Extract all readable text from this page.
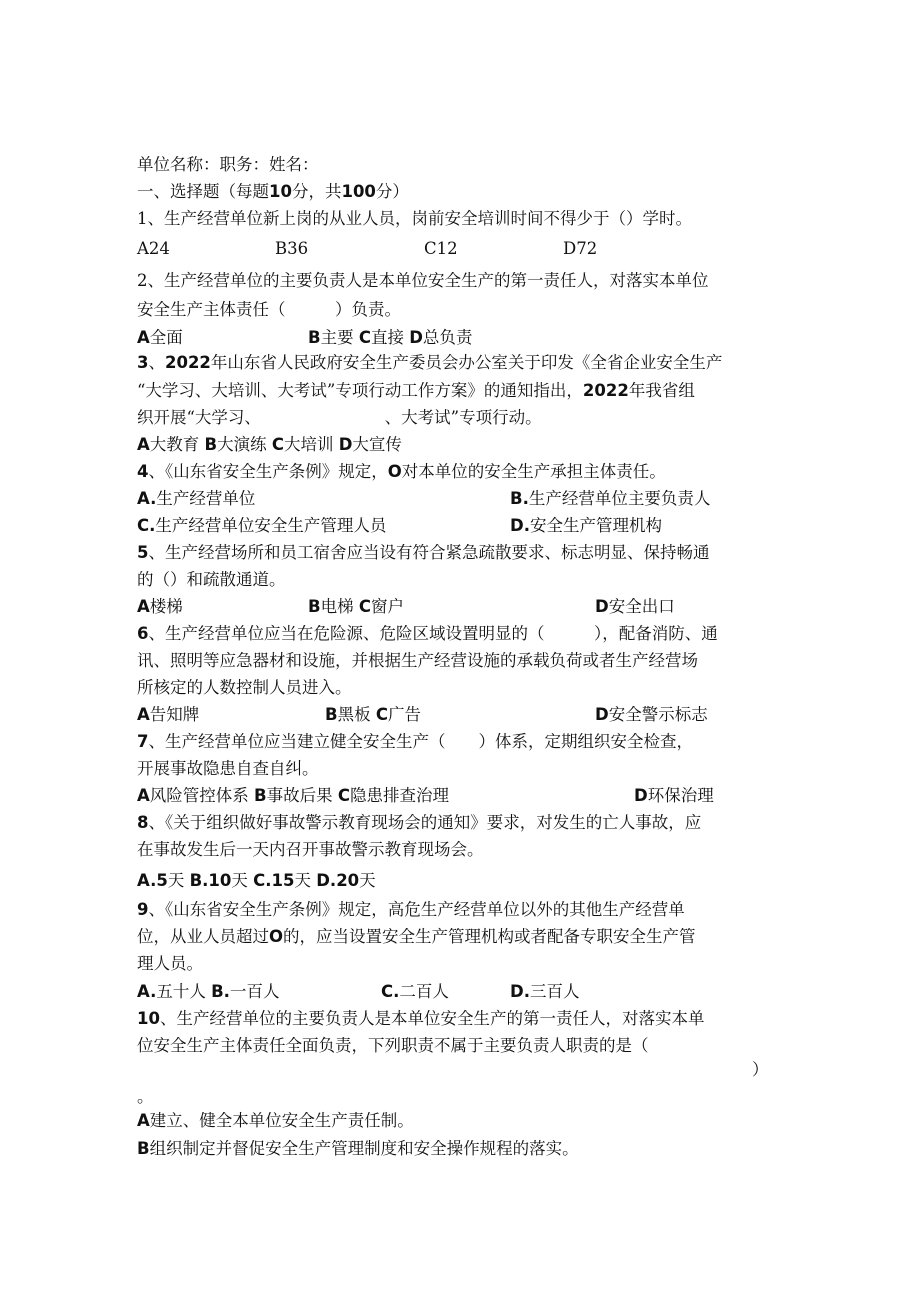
单位名称：职务：姓名：
一、选择题（每题10分，共100分）
1、生产经营单位新上岗的从业人员，岗前安全培训时间不得少于（）学时。
A24	B36	C12	D72
2、生产经营单位的主要负责人是本单位安全生产的第一责任人，对落实本单位
安全生产主体责任（　　　）负责。
A全面	B主要 C直接 D总负责
3、2022年山东省人民政府安全生产委员会办公室关于印发《全省企业安全生产
“大学习、大培训、大考试”专项行动工作方案》的通知指出，2022年我省组
织开展“大学习、　　　　　　　　、大考试”专项行动。
A大教育 B大演练 C大培训 D大宣传
4、《山东省安全生产条例》规定，O对本单位的安全生产承担主体责任。
A.生产经营单位	B.生产经营单位主要负责人
C.生产经营单位安全生产管理人员	D.安全生产管理机构
5、生产经营场所和员工宿舍应当设有符合紧急疏散要求、标志明显、保持畅通
的（）和疏散通道。
A楼梯	B电梯 C窗户	D安全出口
6、生产经营单位应当在危险源、危险区域设置明显的（　　　），配备消防、通
讯、照明等应急器材和设施，并根据生产经营设施的承载负荷或者生产经营场
所核定的人数控制人员进入。
A告知牌	B黑板 C广告	D安全警示标志
7、生产经营单位应当建立健全安全生产（　　）体系，定期组织安全检查，
开展事故隐患自查自纠。
A风险管控体系 B事故后果 C隐患排查治理	D环保治理
8、《关于组织做好事故警示教育现场会的通知》要求，对发生的亡人事故，应
在事故发生后一天内召开事故警示教育现场会。
A.5天 B.10天 C.15天 D.20天
9、《山东省安全生产条例》规定，高危生产经营单位以外的其他生产经营单
位，从业人员超过O的，应当设置安全生产管理机构或者配备专职安全生产管
理人员。
A.五十人 B.一百人	C.二百人	D.三百人
10、生产经营单位的主要负责人是本单位安全生产的第一责任人，对落实本单
位安全生产主体责任全面负责，下列职责不属于主要负责人职责的是（
）
。
A建立、健全本单位安全生产责任制。
B组织制定并督促安全生产管理制度和安全操作规程的落实。
